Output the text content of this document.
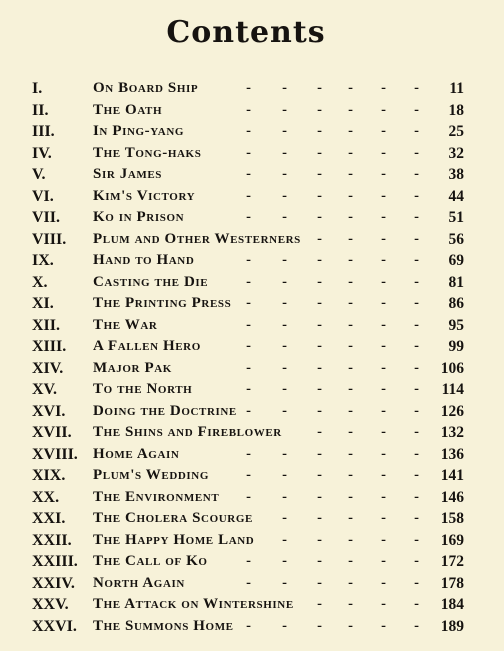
Contents
I.	On Board Ship	11
- - - - - -
II.	The Oath	18
- - - - - -
III.	In Ping-yang	25
- - - - - -
IV.	The Tong-haks	32
- - - - - -
V.	Sir James	38
- - - - - -
VI.	Kim's Victory	44
- - - - - -
VII. Ko in Prison	51
- - - - - -
VIII. Plum and Other Westerners	56
- - - -
IX.	Hand to Hand	69
- - - - - -
X.	Casting the Die	81
- - - - - -
XI.	The Printing Press	86
- - - - - -
XII. The War	95
- - - - - -
XIII. A Fallen Hero	99
- - - - - -
XIV. Major Pak	106
- - - - - -
XV. To the North	114
- - - - - -
XVI. Doing the Doctrine	126
- - - - - -
XVII. The Shins and Fireblower	132
- - - -
XVIII. Home Again	136
- - - - - -
XIX. Plum's Wedding	141
- - - - - -
XX. The Environment	146
- - - - - -
XXI. The Cholera Scourge	158
- - - - -
XXII. The Happy Home Land	169
- - - - -
XXIII. The Call of Ko	172
- - - - - -
XXIV. North Again	178
- - - - - -
XXV. The Attack on Wintershine	184
- - - -
XXVI. The Summons Home	189
- - - - - -
